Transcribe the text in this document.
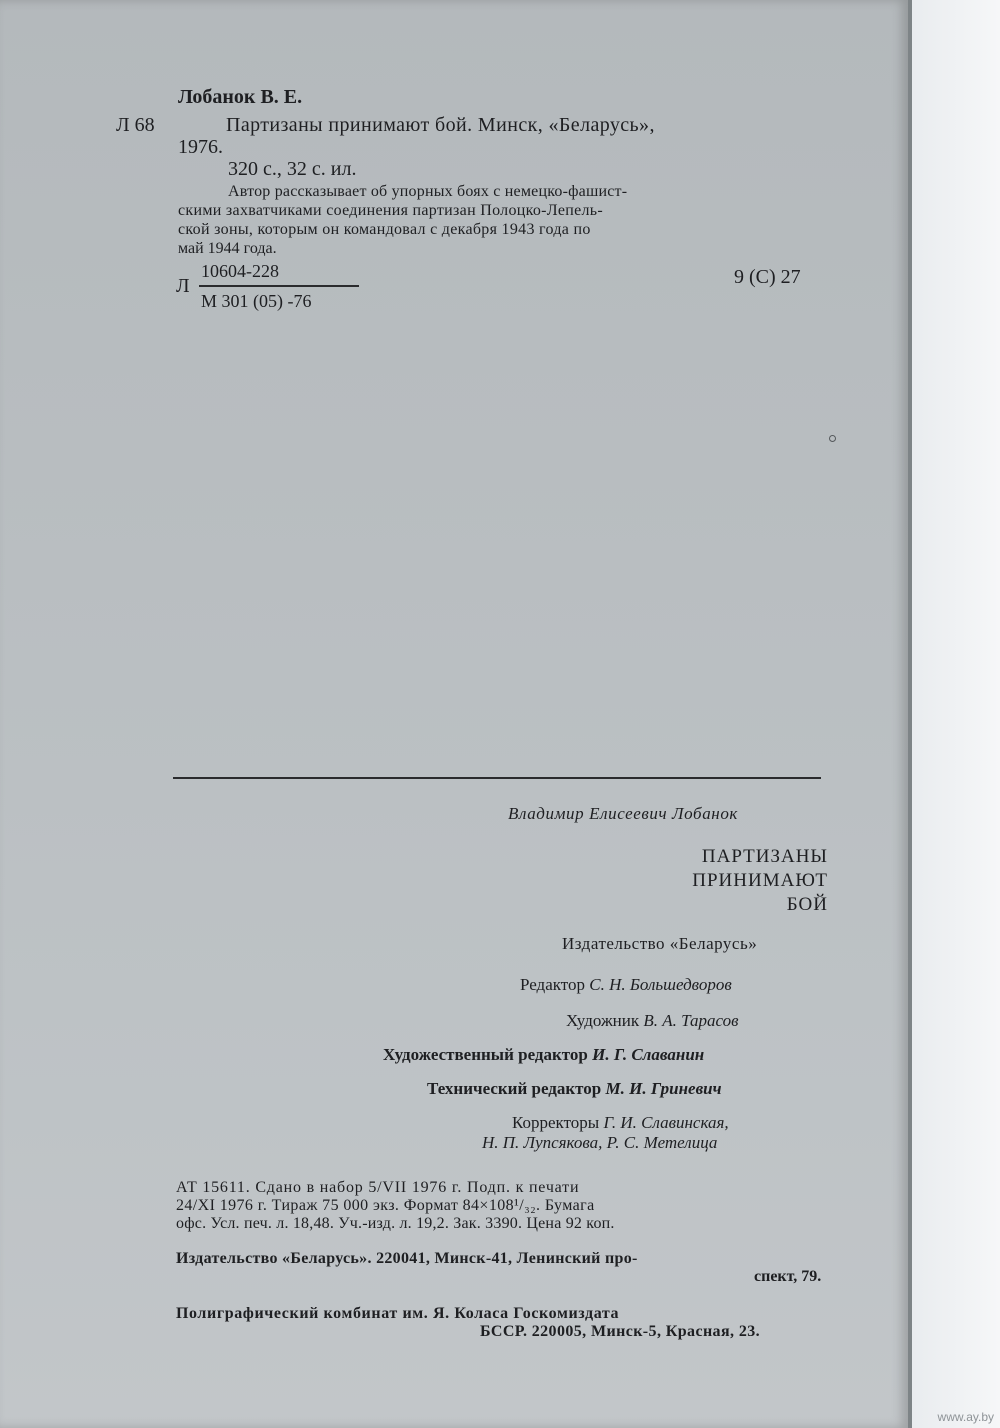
Лобанок В. Е.
Л 68	Партизаны принимают бой. Минск, «Беларусь»,
1976.
320 с., 32 с. ил.
Автор рассказывает об упорных боях с немецко-фашист-
скими захватчиками соединения партизан Полоцко-Лепель-
ской зоны, которым он командовал с декабря 1943 года по
май 1944 года.
Л
10604-228
М 301 (05) -76
9 (С) 27
Владимир Елисеевич Лобанок
ПАРТИЗАНЫ
ПРИНИМАЮТ
БОЙ
Издательство «Беларусь»
Редактор С. Н. Большедворов
Художник В. А. Тарасов
Художественный редактор И. Г. Славанин
Технический редактор М. И. Гриневич
Корректоры Г. И. Славинская,
Н. П. Лупсякова, Р. С. Метелица
АТ 15611. Сдано в набор 5/VII 1976 г. Подп. к печати
24/XI 1976 г. Тираж 75 000 экз. Формат 84×108¹/₃₂. Бумага
офс. Усл. печ. л. 18,48. Уч.-изд. л. 19,2. Зак. 3390. Цена 92 коп.
Издательство «Беларусь». 220041, Минск-41, Ленинский про-
спект, 79.
Полиграфический комбинат им. Я. Коласа Госкомиздата
БССР. 220005, Минск-5, Красная, 23.
www.ay.by
